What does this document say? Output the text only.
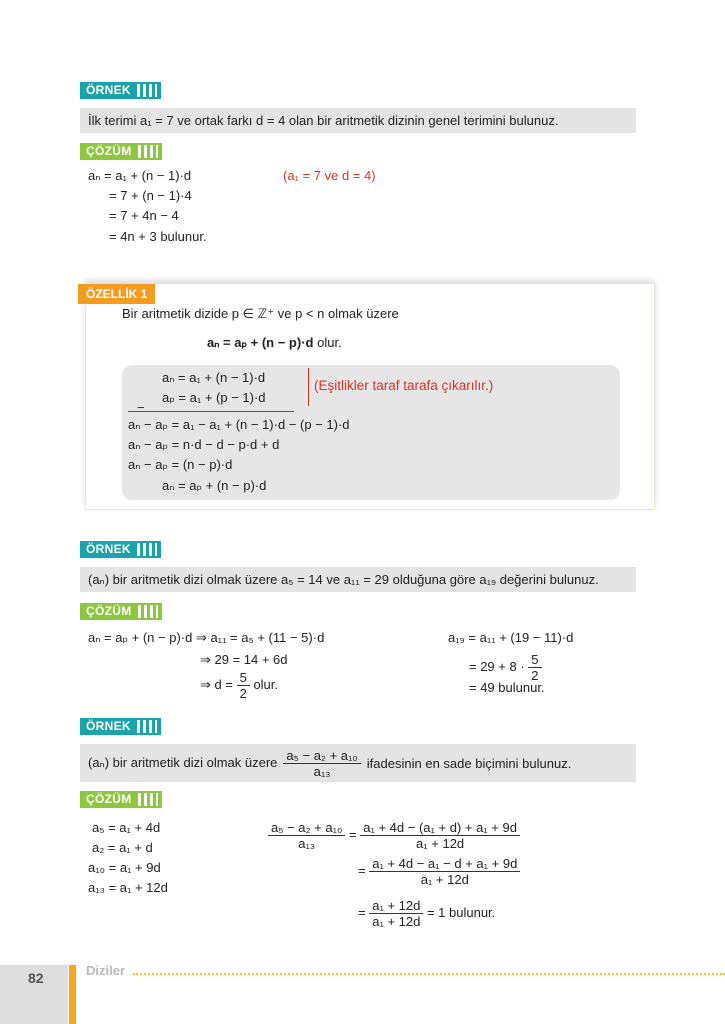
ÖRNEK
İlk terimi a₁ = 7 ve ortak farkı d = 4 olan bir aritmetik dizinin genel terimini bulunuz.
ÇÖZÜM
aₙ = a₁ + (n − 1)·d
= 7 + (n − 1)·4
= 7 + 4n − 4
= 4n + 3 bulunur.
(a₁ = 7 ve d = 4)
ÖZELLİK 1
Bir aritmetik dizide p ∈ ℤ⁺ ve p < n olmak üzere
aₙ = aₚ + (n − p)·d olur.
aₙ = a₁ + (n − 1)·d
aₚ = a₁ + (p − 1)·d
−
(Eşitlikler taraf tarafa çıkarılır.)
aₙ − aₚ = a₁ − a₁ + (n − 1)·d − (p − 1)·d
aₙ − aₚ = n·d − d − p·d + d
aₙ − aₚ = (n − p)·d
aₙ = aₚ + (n − p)·d
ÖRNEK
(aₙ) bir aritmetik dizi olmak üzere a₅ = 14 ve a₁₁ = 29 olduğuna göre a₁₉ değerini bulunuz.
ÇÖZÜM
aₙ = aₚ + (n − p)·d ⇒ a₁₁ = a₅ + (11 − 5)·d
⇒ 29 = 14 + 6d
⇒ $d = \frac{5}{2}$ olur.
a₁₉ = a₁₁ + (19 − 11)·d
= $29 + 8 \cdot \frac{5}{2}$
= 49 bulunur.
ÖRNEK
(aₙ) bir aritmetik dizi olmak üzere $\frac{\text{a₅ − a₂ + a₁₀}}{\text{a₁₃}}$ ifadesinin en sade biçimini bulunuz.
ÇÖZÜM
a₅ = a₁ + 4d
a₂ = a₁ + d
a₁₀ = a₁ + 9d
a₁₃ = a₁ + 12d
$\frac{\text{a₅ − a₂ + a₁₀}}{\text{a₁₃}} = \frac{\text{a₁ + 4d − (a₁ + d) + a₁ + 9d}}{\text{a₁ + 12d}}$
= $\frac{\text{a₁ + 4d − a₁ − d + a₁ + 9d}}{\text{a₁ + 12d}}$
= $\frac{\text{a₁ + 12d}}{\text{a₁ + 12d}} = 1$ bulunur.
82	Diziler
